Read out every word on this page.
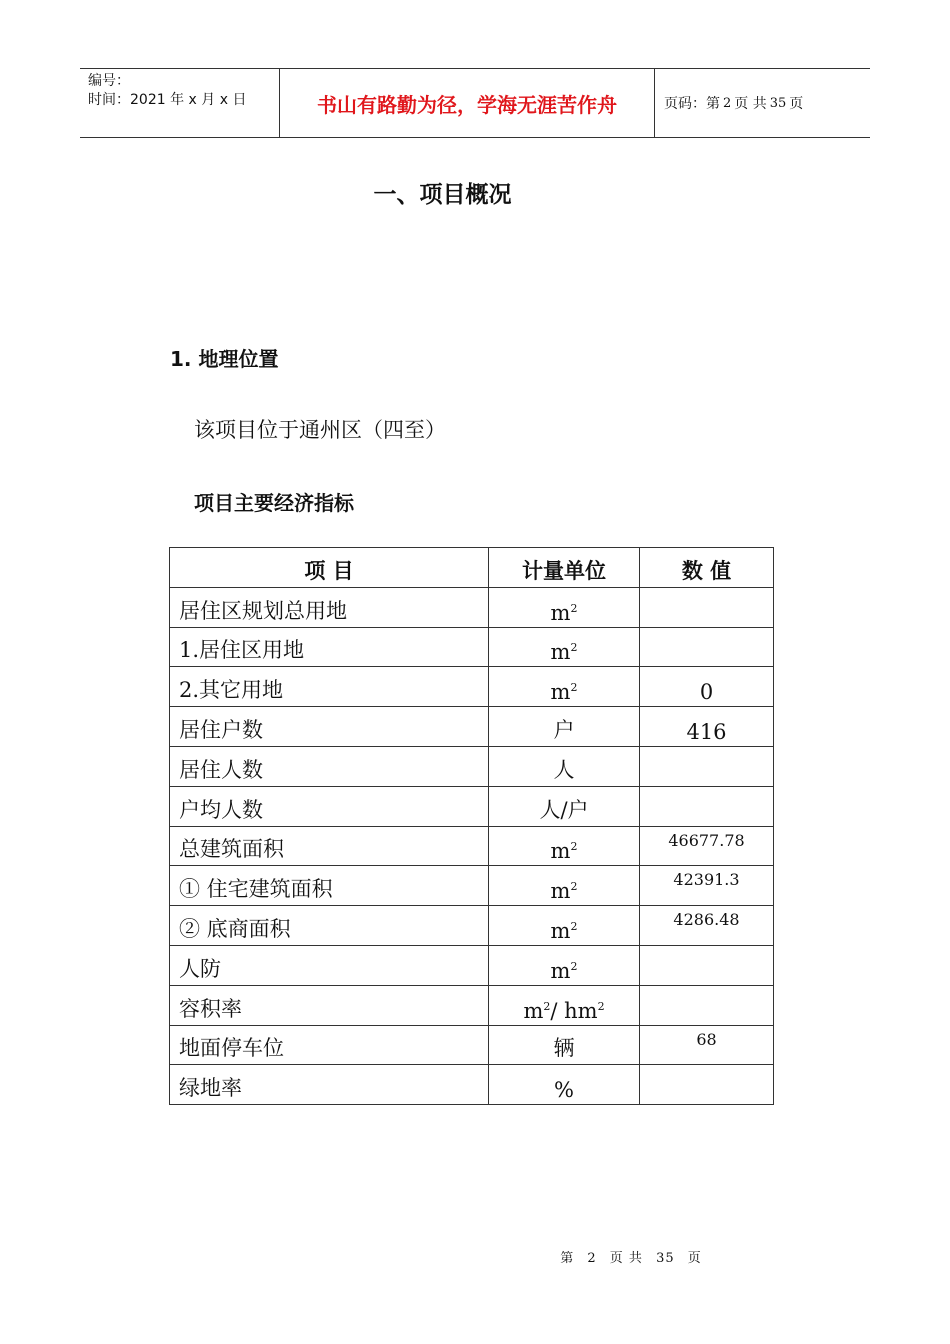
编号：
时间：2021 年 x 月 x 日	书山有路勤为径，学海无涯苦作舟	页码：第 2 页 共 35 页
一、项目概况
1. 地理位置
该项目位于通州区（四至）
项目主要经济指标
项 目	计量单位	数 值
居住区规划总用地	$m^2$	
1.居住区用地	$m^2$	
2.其它用地	$m^2$	0
居住户数	户	416
居住人数	人	
户均人数	人/户	
总建筑面积	$m^2$	46677.78
① 住宅建筑面积	$m^2$	42391.3
② 底商面积	$m^2$	4286.48
人防	$m^2$	
容积率	$m^2/$ $hm^2$	
地面停车位	辆	68
绿地率	%	
第 2 页 共 35 页
